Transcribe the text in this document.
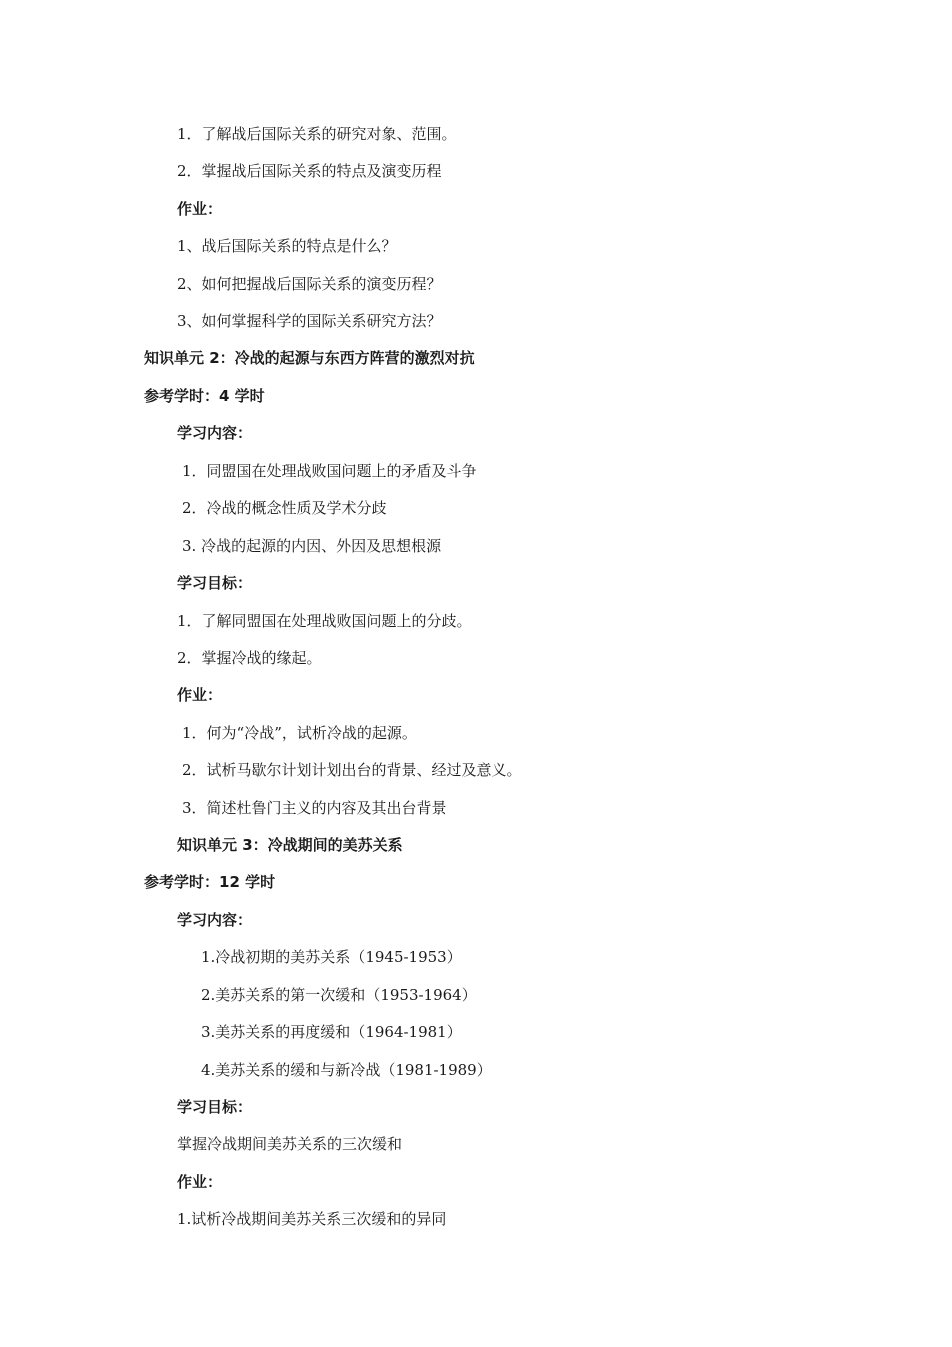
1．了解战后国际关系的研究对象、范围。
2．掌握战后国际关系的特点及演变历程
作业：
1、战后国际关系的特点是什么？
2、如何把握战后国际关系的演变历程？
3、如何掌握科学的国际关系研究方法？
知识单元 2：冷战的起源与东西方阵营的激烈对抗
参考学时：4 学时
学习内容：
1．同盟国在处理战败国问题上的矛盾及斗争
2．冷战的概念性质及学术分歧
3. 冷战的起源的内因、外因及思想根源
学习目标：
1．了解同盟国在处理战败国问题上的分歧。
2．掌握冷战的缘起。
作业：
1．何为“冷战”，试析冷战的起源。
2．试析马歇尔计划计划出台的背景、经过及意义。
3．简述杜鲁门主义的内容及其出台背景
知识单元 3：冷战期间的美苏关系
参考学时：12 学时
学习内容：
1.冷战初期的美苏关系（1945-1953）
2.美苏关系的第一次缓和（1953-1964）
3.美苏关系的再度缓和（1964-1981）
4.美苏关系的缓和与新冷战（1981-1989）
学习目标：
掌握冷战期间美苏关系的三次缓和
作业：
1.试析冷战期间美苏关系三次缓和的异同
